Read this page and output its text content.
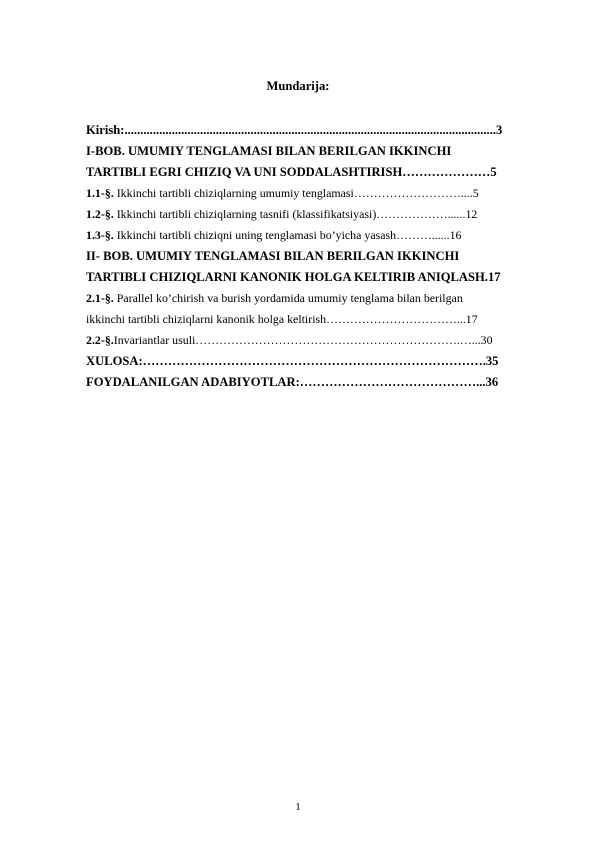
Mundarija:
Kirish:......................................................................................................................3
I-BOB. UMUMIY TENGLAMASI BILAN BERILGAN IKKINCHI
TARTIBLI EGRI CHIZIQ VA UNI SODDALASHTIRISH…………………5
1.1-§. Ikkinchi tartibli chiziqlarning umumiy tenglamasi………………………....5
1.2-§. Ikkinchi tartibli chiziqlarning tasnifi (klassifikatsiyasi)………………......12
1.3-§. Ikkinchi tartibli chiziqni uning tenglamasi bo’yicha yasash………......16
II- BOB. UMUMIY TENGLAMASI BILAN BERILGAN IKKINCHI
TARTIBLI CHIZIQLARNI KANONIK HOLGA KELTIRIB ANIQLASH.17
2.1-§. Parallel ko’chirish va burish yordamida umumiy tenglama bilan berilgan
ikkinchi tartibli chiziqlarni kanonik holga keltirish……………………………...17
2.2-§.Invariantlar usuli………………………………………………………….…...30
XULOSA:……………………………………………………………………….35
FOYDALANILGAN ADABIYOTLAR:……………………………………...36
1
